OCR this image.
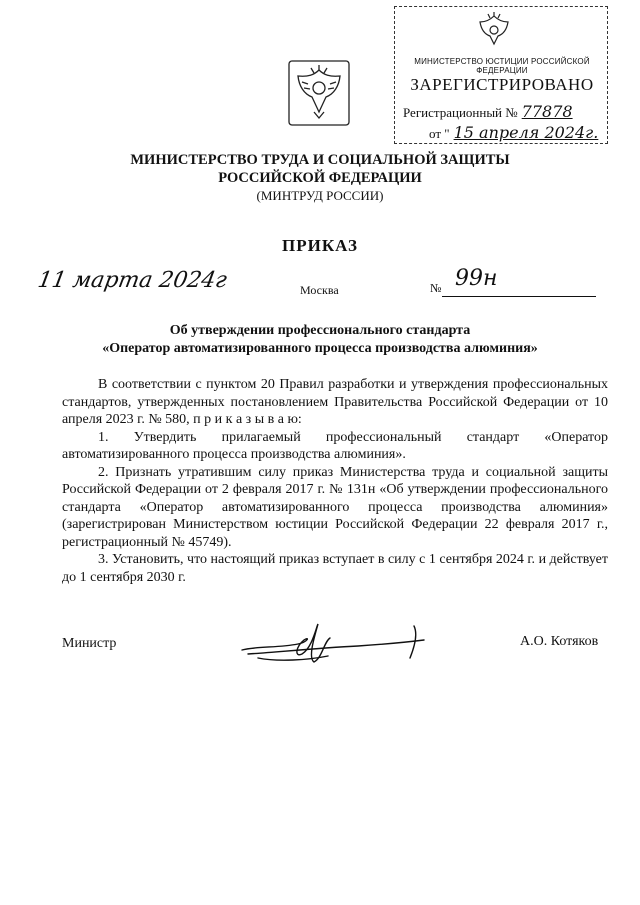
МИНИСТЕРСТВО ЮСТИЦИИ РОССИЙСКОЙ ФЕДЕРАЦИИ
ЗАРЕГИСТРИРОВАНО
Регистрационный № 77878
от " 15 апреля 2024г.
МИНИСТЕРСТВО ТРУДА И СОЦИАЛЬНОЙ ЗАЩИТЫ
РОССИЙСКОЙ ФЕДЕРАЦИИ
(МИНТРУД РОССИИ)
ПРИКАЗ
11 марта 2024г	Москва	№ 99н
Об утверждении профессионального стандарта
«Оператор автоматизированного процесса производства алюминия»

В соответствии с пунктом 20 Правил разработки и утверждения профессиональных стандартов, утвержденных постановлением Правительства Российской Федерации от 10 апреля 2023 г. № 580, п р и к а з ы в а ю:

1. Утвердить прилагаемый профессиональный стандарт «Оператор автоматизированного процесса производства алюминия».

2. Признать утратившим силу приказ Министерства труда и социальной защиты Российской Федерации от 2 февраля 2017 г. № 131н «Об утверждении профессионального стандарта «Оператор автоматизированного процесса производства алюминия» (зарегистрирован Министерством юстиции Российской Федерации 22 февраля 2017 г., регистрационный № 45749).

3. Установить, что настоящий приказ вступает в силу с 1 сентября 2024 г. и действует до 1 сентября 2030 г.

Министр	А.О. Котяков
